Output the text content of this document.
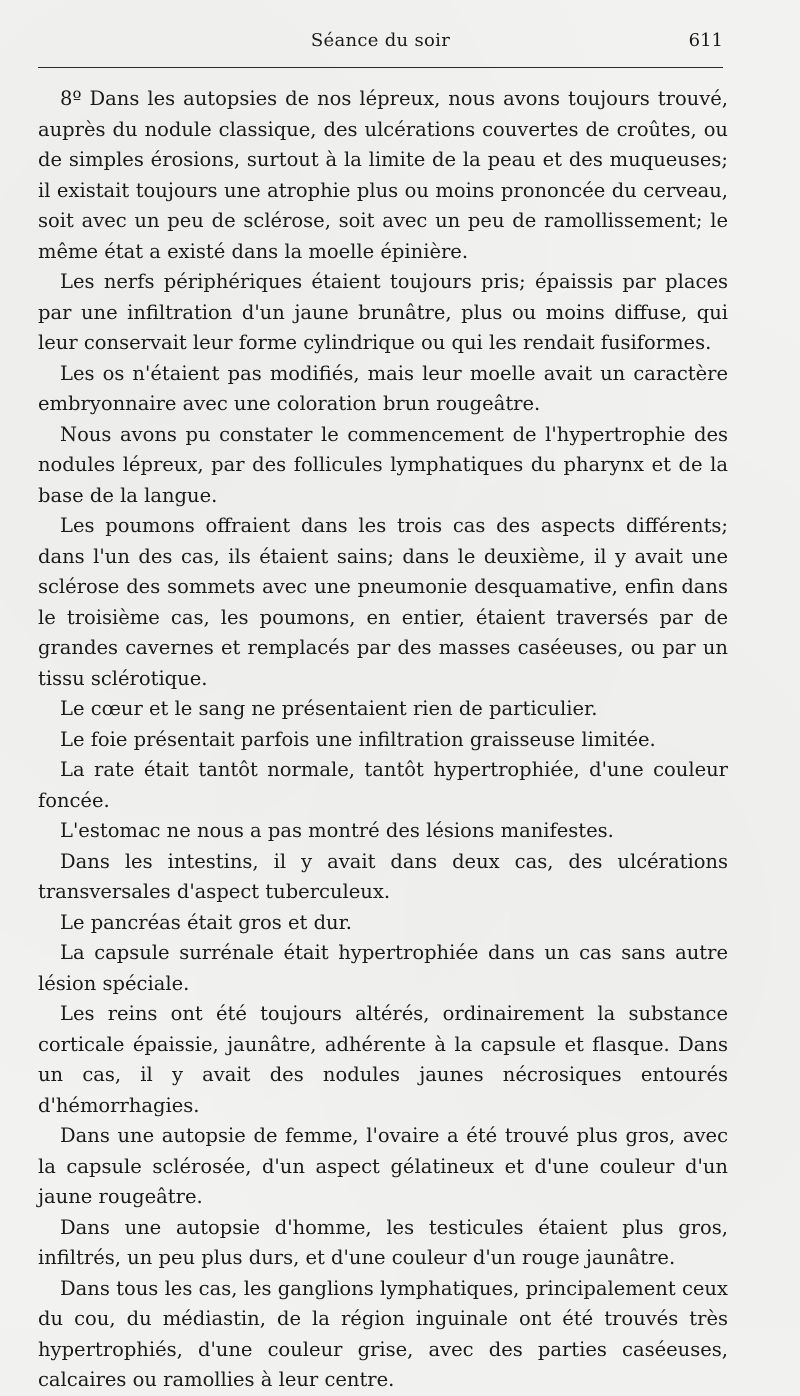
Séance du soir	611

8º Dans les autopsies de nos lépreux, nous avons toujours trouvé, auprès du nodule classique, des ulcérations couvertes de croûtes, ou de simples érosions, surtout à la limite de la peau et des muqueuses; il existait toujours une atrophie plus ou moins prononcée du cerveau, soit avec un peu de sclérose, soit avec un peu de ramollissement; le même état a existé dans la moelle épinière.

Les nerfs périphériques étaient toujours pris; épaissis par places par une infiltration d'un jaune brunâtre, plus ou moins diffuse, qui leur conservait leur forme cylindrique ou qui les rendait fusiformes.

Les os n'étaient pas modifiés, mais leur moelle avait un caractère embryonnaire avec une coloration brun rougeâtre.

Nous avons pu constater le commencement de l'hypertrophie des nodules lépreux, par des follicules lymphatiques du pharynx et de la base de la langue.

Les poumons offraient dans les trois cas des aspects différents; dans l'un des cas, ils étaient sains; dans le deuxième, il y avait une sclérose des sommets avec une pneumonie desquamative, enfin dans le troisième cas, les poumons, en entier, étaient traversés par de grandes cavernes et remplacés par des masses caséeuses, ou par un tissu sclérotique.

Le cœur et le sang ne présentaient rien de particulier.

Le foie présentait parfois une infiltration graisseuse limitée.

La rate était tantôt normale, tantôt hypertrophiée, d'une couleur foncée.

L'estomac ne nous a pas montré des lésions manifestes.

Dans les intestins, il y avait dans deux cas, des ulcérations transversales d'aspect tuberculeux.

Le pancréas était gros et dur.

La capsule surrénale était hypertrophiée dans un cas sans autre lésion spéciale.

Les reins ont été toujours altérés, ordinairement la substance corticale épaissie, jaunâtre, adhérente à la capsule et flasque. Dans un cas, il y avait des nodules jaunes nécrosiques entourés d'hémorrhagies.

Dans une autopsie de femme, l'ovaire a été trouvé plus gros, avec la capsule sclérosée, d'un aspect gélatineux et d'une couleur d'un jaune rougeâtre.

Dans une autopsie d'homme, les testicules étaient plus gros, infiltrés, un peu plus durs, et d'une couleur d'un rouge jaunâtre.

Dans tous les cas, les ganglions lymphatiques, principalement ceux du cou, du médiastin, de la région inguinale ont été trouvés très hypertrophiés, d'une couleur grise, avec des parties caséeuses, calcaires ou ramollies à leur centre.
